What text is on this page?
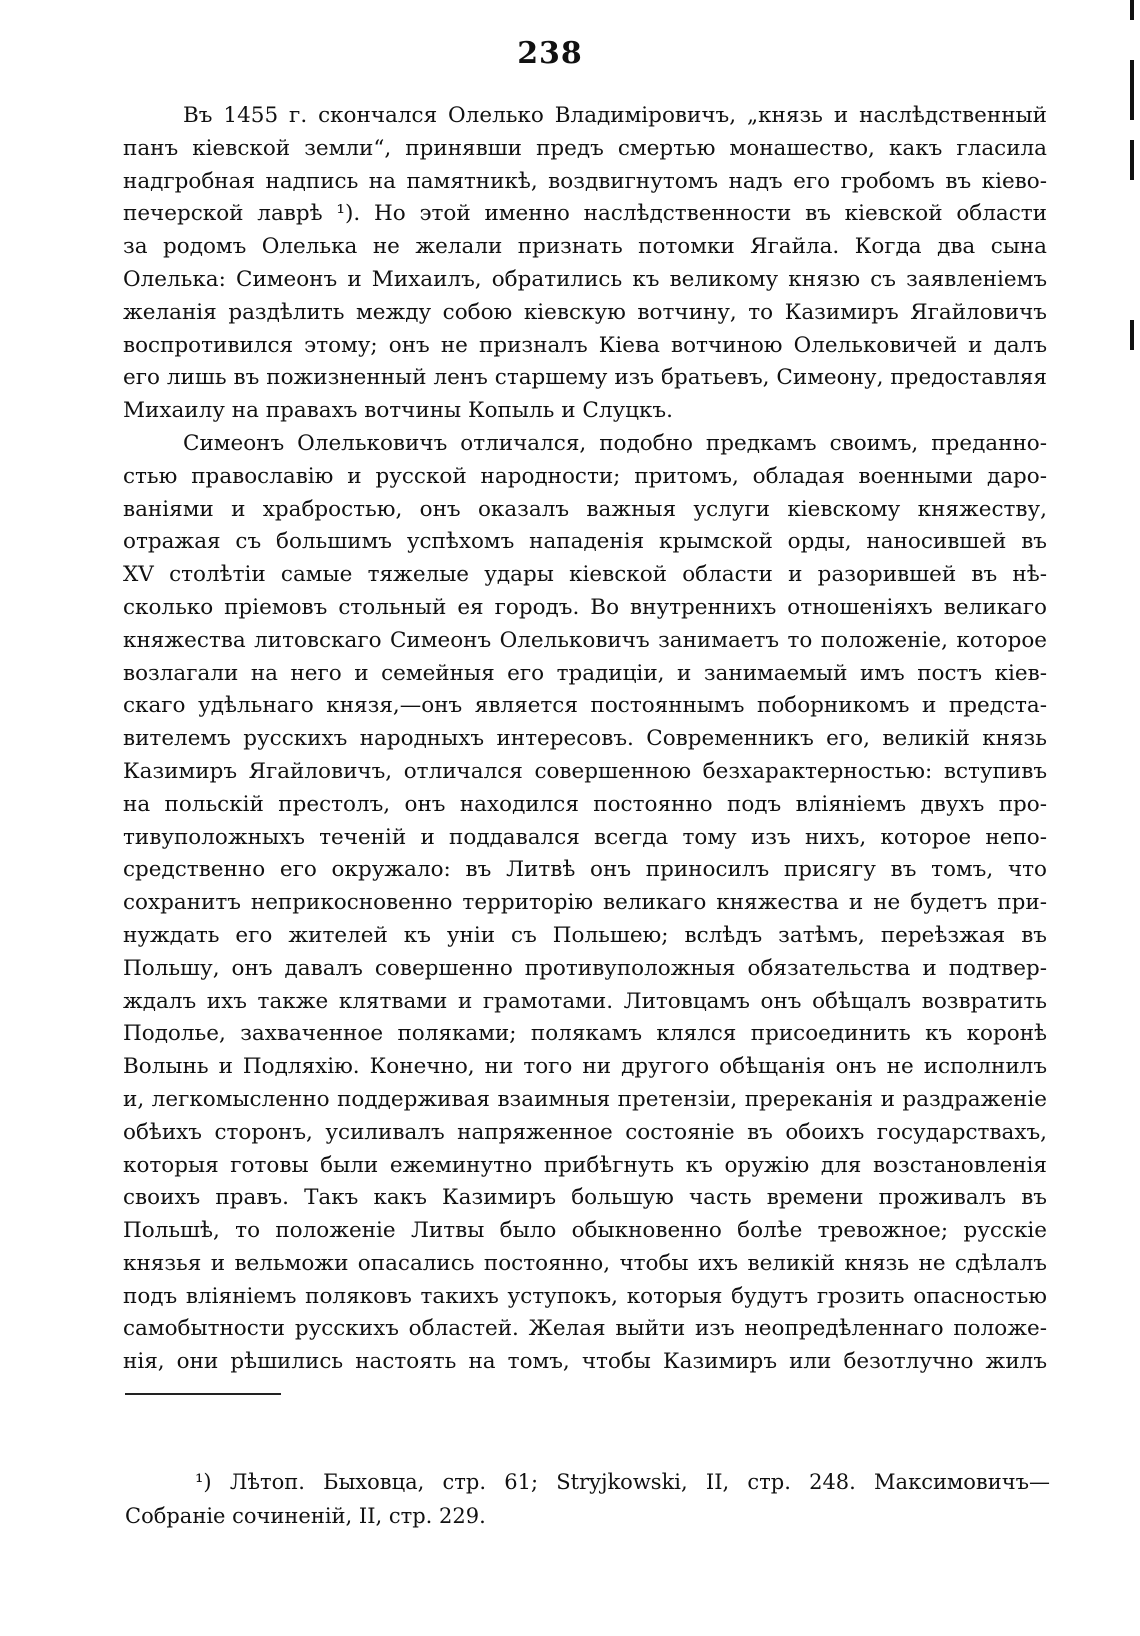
238
Въ 1455 г. скончался Олелько Владиміровичъ, „князь и наслѣдственный
панъ кіевской земли“, принявши предъ смертью монашество, какъ гласила
надгробная надпись на памятникѣ, воздвигнутомъ надъ его гробомъ въ кіево-
печерской лаврѣ ¹). Но этой именно наслѣдственности въ кіевской области
за родомъ Олелька не желали признать потомки Ягайла. Когда два сына
Олелька: Симеонъ и Михаилъ, обратились къ великому князю съ заявленіемъ
желанія раздѣлить между собою кіевскую вотчину, то Казимиръ Ягайловичъ
воспротивился этому; онъ не призналъ Кіева вотчиною Олельковичей и далъ
его лишь въ пожизненный ленъ старшему изъ братьевъ, Симеону, предоставляя
Михаилу на правахъ вотчины Копыль и Слуцкъ.
Симеонъ Олельковичъ отличался, подобно предкамъ своимъ, преданно-
стью православію и русской народности; притомъ, обладая военными даро-
ваніями и храбростью, онъ оказалъ важныя услуги кіевскому княжеству,
отражая съ большимъ успѣхомъ нападенія крымской орды, наносившей въ
XV столѣтіи самые тяжелые удары кіевской области и разорившей въ нѣ-
сколько пріемовъ стольный ея городъ. Во внутреннихъ отношеніяхъ великаго
княжества литовскаго Симеонъ Олельковичъ занимаетъ то положеніе, которое
возлагали на него и семейныя его традиціи, и занимаемый имъ постъ кіев-
скаго удѣльнаго князя,—онъ является постояннымъ поборникомъ и предста-
вителемъ русскихъ народныхъ интересовъ. Современникъ его, великій князь
Казимиръ Ягайловичъ, отличался совершенною безхарактерностью: вступивъ
на польскій престолъ, онъ находился постоянно подъ вліяніемъ двухъ про-
тивуположныхъ теченій и поддавался всегда тому изъ нихъ, которое непо-
средственно его окружало: въ Литвѣ онъ приносилъ присягу въ томъ, что
сохранитъ неприкосновенно территорію великаго княжества и не будетъ при-
нуждать его жителей къ уніи съ Польшею; вслѣдъ затѣмъ, переѣзжая въ
Польшу, онъ давалъ совершенно противуположныя обязательства и подтвер-
ждалъ ихъ также клятвами и грамотами. Литовцамъ онъ обѣщалъ возвратить
Подолье, захваченное поляками; полякамъ клялся присоединить къ коронѣ
Волынь и Подляхію. Конечно, ни того ни другого обѣщанія онъ не исполнилъ
и, легкомысленно поддерживая взаимныя претензіи, пререканія и раздраженіе
обѣихъ сторонъ, усиливалъ напряженное состояніе въ обоихъ государствахъ,
которыя готовы были ежеминутно прибѣгнуть къ оружію для возстановленія
своихъ правъ. Такъ какъ Казимиръ большую часть времени проживалъ въ
Польшѣ, то положеніе Литвы было обыкновенно болѣе тревожное; русскіе
князья и вельможи опасались постоянно, чтобы ихъ великій князь не сдѣлалъ
подъ вліяніемъ поляковъ такихъ уступокъ, которыя будутъ грозить опасностью
самобытности русскихъ областей. Желая выйти изъ неопредѣленнаго положе-
нія, они рѣшились настоять на томъ, чтобы Казимиръ или безотлучно жилъ
¹) Лѣтоп. Быховца, стр. 61; Stryjkowski, II, стр. 248. Максимовичъ—
Собраніе сочиненій, II, стр. 229.
